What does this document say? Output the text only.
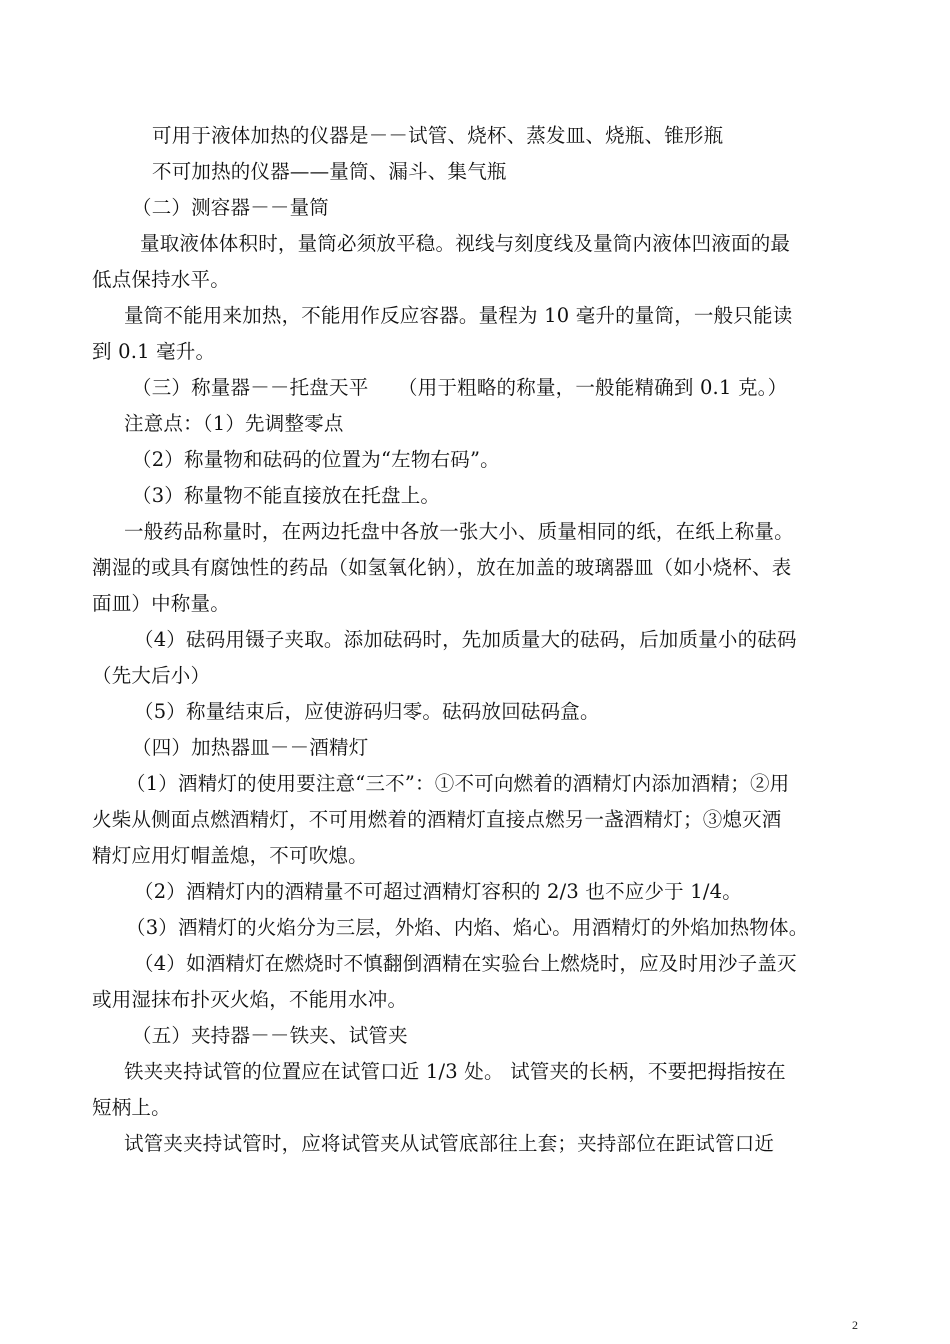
可用于液体加热的仪器是－－试管、烧杯、蒸发皿、烧瓶、锥形瓶
不可加热的仪器——量筒、漏斗、集气瓶
（二）测容器－－量筒
量取液体体积时，量筒必须放平稳。视线与刻度线及量筒内液体凹液面的最
低点保持水平。
量筒不能用来加热，不能用作反应容器。量程为 10 毫升的量筒，一般只能读
到 0.1 毫升。
（三）称量器－－托盘天平　　（用于粗略的称量，一般能精确到 0.1 克。）
注意点：（1）先调整零点
（2）称量物和砝码的位置为“左物右码”。
（3）称量物不能直接放在托盘上。
一般药品称量时，在两边托盘中各放一张大小、质量相同的纸，在纸上称量。
潮湿的或具有腐蚀性的药品（如氢氧化钠），放在加盖的玻璃器皿（如小烧杯、表
面皿）中称量。
（4）砝码用镊子夹取。添加砝码时，先加质量大的砝码，后加质量小的砝码
（先大后小）
（5）称量结束后，应使游码归零。砝码放回砝码盒。
（四）加热器皿－－酒精灯
（1）酒精灯的使用要注意“三不”：①不可向燃着的酒精灯内添加酒精；②用
火柴从侧面点燃酒精灯，不可用燃着的酒精灯直接点燃另一盏酒精灯；③熄灭酒
精灯应用灯帽盖熄，不可吹熄。
（2）酒精灯内的酒精量不可超过酒精灯容积的 2/3 也不应少于 1/4。
（3）酒精灯的火焰分为三层，外焰、内焰、焰心。用酒精灯的外焰加热物体。
（4）如酒精灯在燃烧时不慎翻倒酒精在实验台上燃烧时，应及时用沙子盖灭
或用湿抹布扑灭火焰，不能用水冲。
（五）夹持器－－铁夹、试管夹
铁夹夹持试管的位置应在试管口近 1/3 处。 试管夹的长柄，不要把拇指按在
短柄上。
试管夹夹持试管时，应将试管夹从试管底部往上套；夹持部位在距试管口近
2
